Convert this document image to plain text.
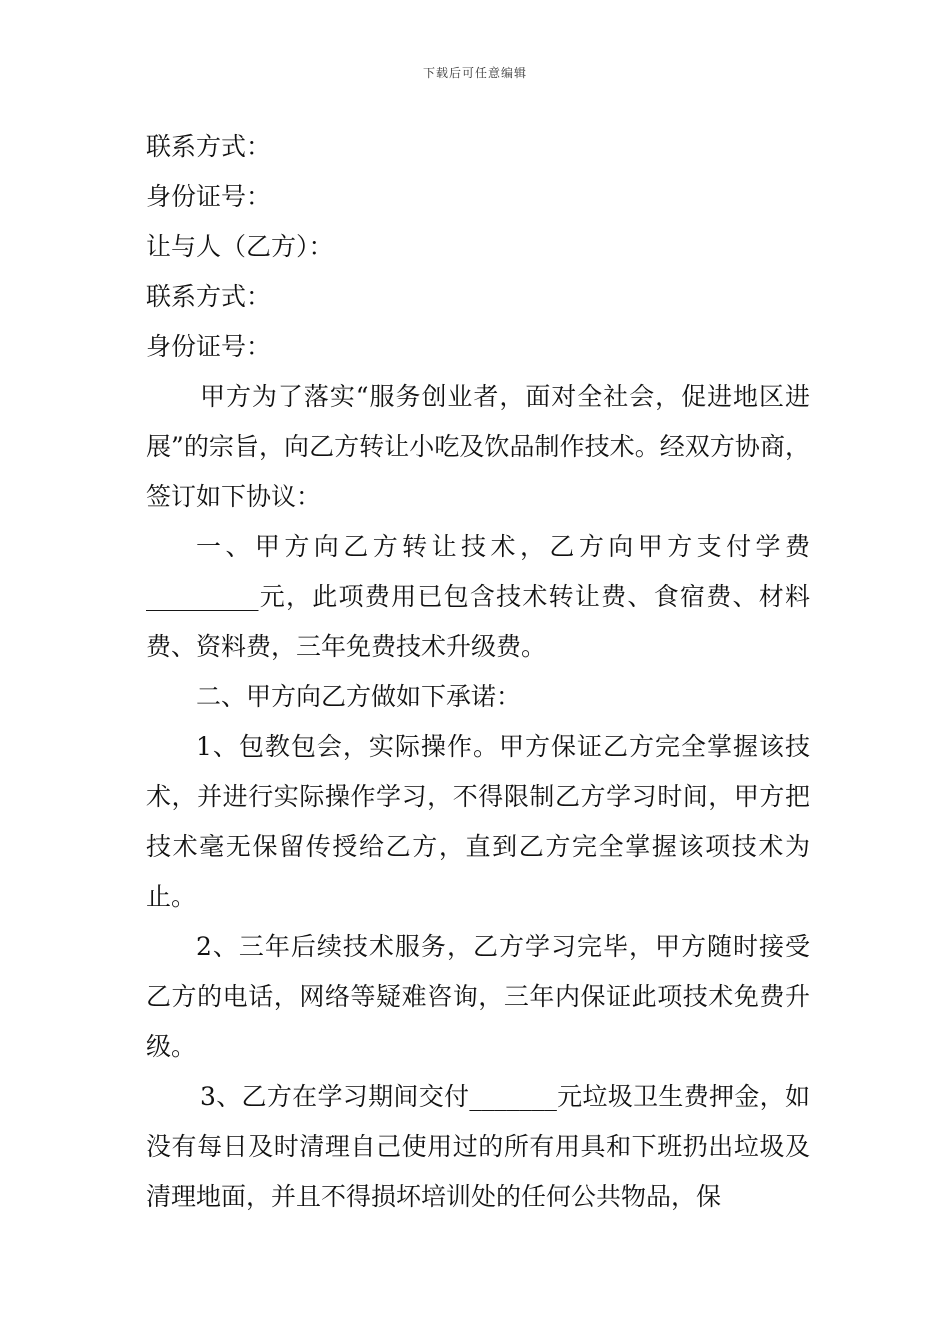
下载后可任意编辑

联系方式：

身份证号：

让与人（乙方）：

联系方式：

身份证号：

甲方为了落实“服务创业者，面对全社会，促进地区进展”的宗旨，向乙方转让小吃及饮品制作技术。经双方协商，签订如下协议：

一、甲方向乙方转让技术，乙方向甲方支付学费_________元，此项费用已包含技术转让费、食宿费、材料费、资料费，三年免费技术升级费。

二、甲方向乙方做如下承诺：

1、包教包会，实际操作。甲方保证乙方完全掌握该技术，并进行实际操作学习，不得限制乙方学习时间，甲方把技术毫无保留传授给乙方，直到乙方完全掌握该项技术为止。

2、三年后续技术服务，乙方学习完毕，甲方随时接受乙方的电话，网络等疑难咨询，三年内保证此项技术免费升级。

3、乙方在学习期间交付_______元垃圾卫生费押金，如没有每日及时清理自己使用过的所有用具和下班扔出垃圾及清理地面，并且不得损坏培训处的任何公共物品，保
